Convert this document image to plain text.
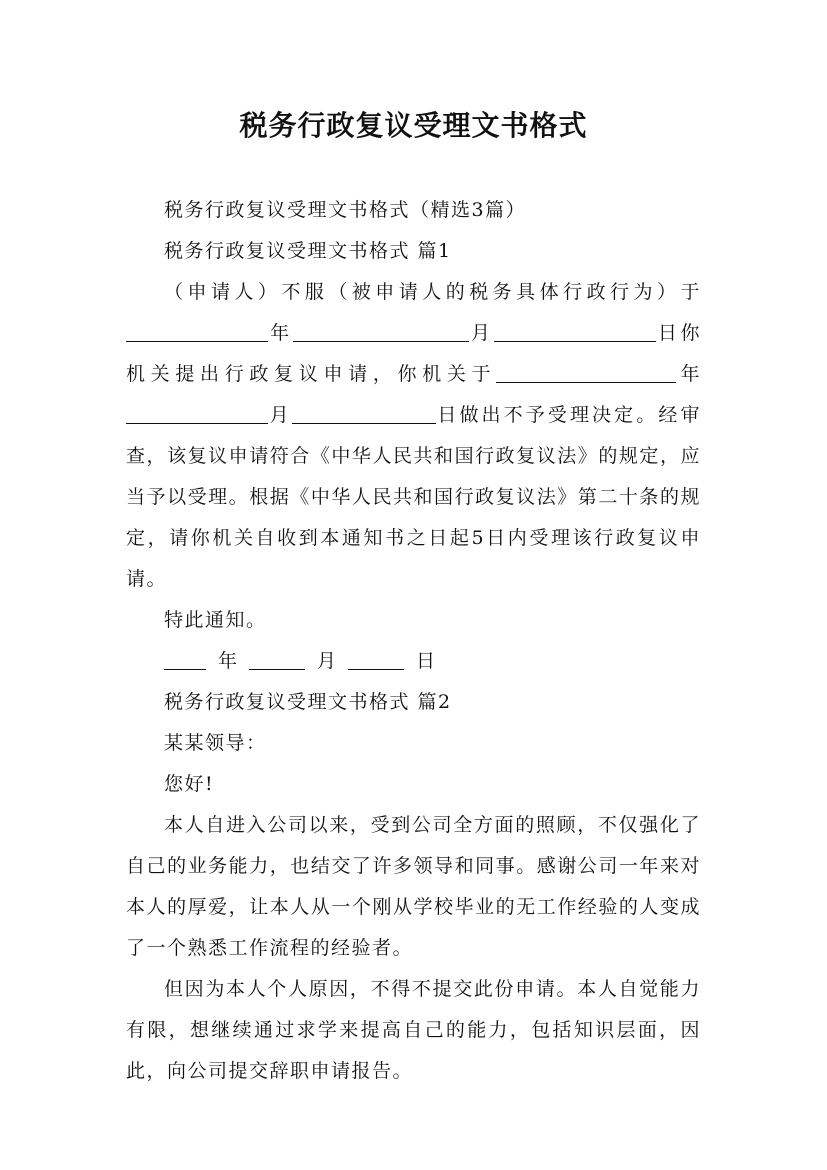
税务行政复议受理文书格式

税务行政复议受理文书格式（精选3篇）

税务行政复议受理文书格式 篇1

（申请人）不服（被申请人的税务具体行政行为）于年	月	日你机关提出行政复议申请，你机关于	年月	日做出不予受理决定。经审查，该复议申请符合《中华人民共和国行政复议法》的规定，应当予以受理。根据《中华人民共和国行政复议法》第二十条的规定，请你机关自收到本通知书之日起5日内受理该行政复议申请。

特此通知。

年	月	日

税务行政复议受理文书格式 篇2

某某领导：

您好!

本人自进入公司以来，受到公司全方面的照顾，不仅强化了自己的业务能力，也结交了许多领导和同事。感谢公司一年来对本人的厚爱，让本人从一个刚从学校毕业的无工作经验的人变成了一个熟悉工作流程的经验者。

但因为本人个人原因，不得不提交此份申请。本人自觉能力有限，想继续通过求学来提高自己的能力，包括知识层面，因此，向公司提交辞职申请报告。
